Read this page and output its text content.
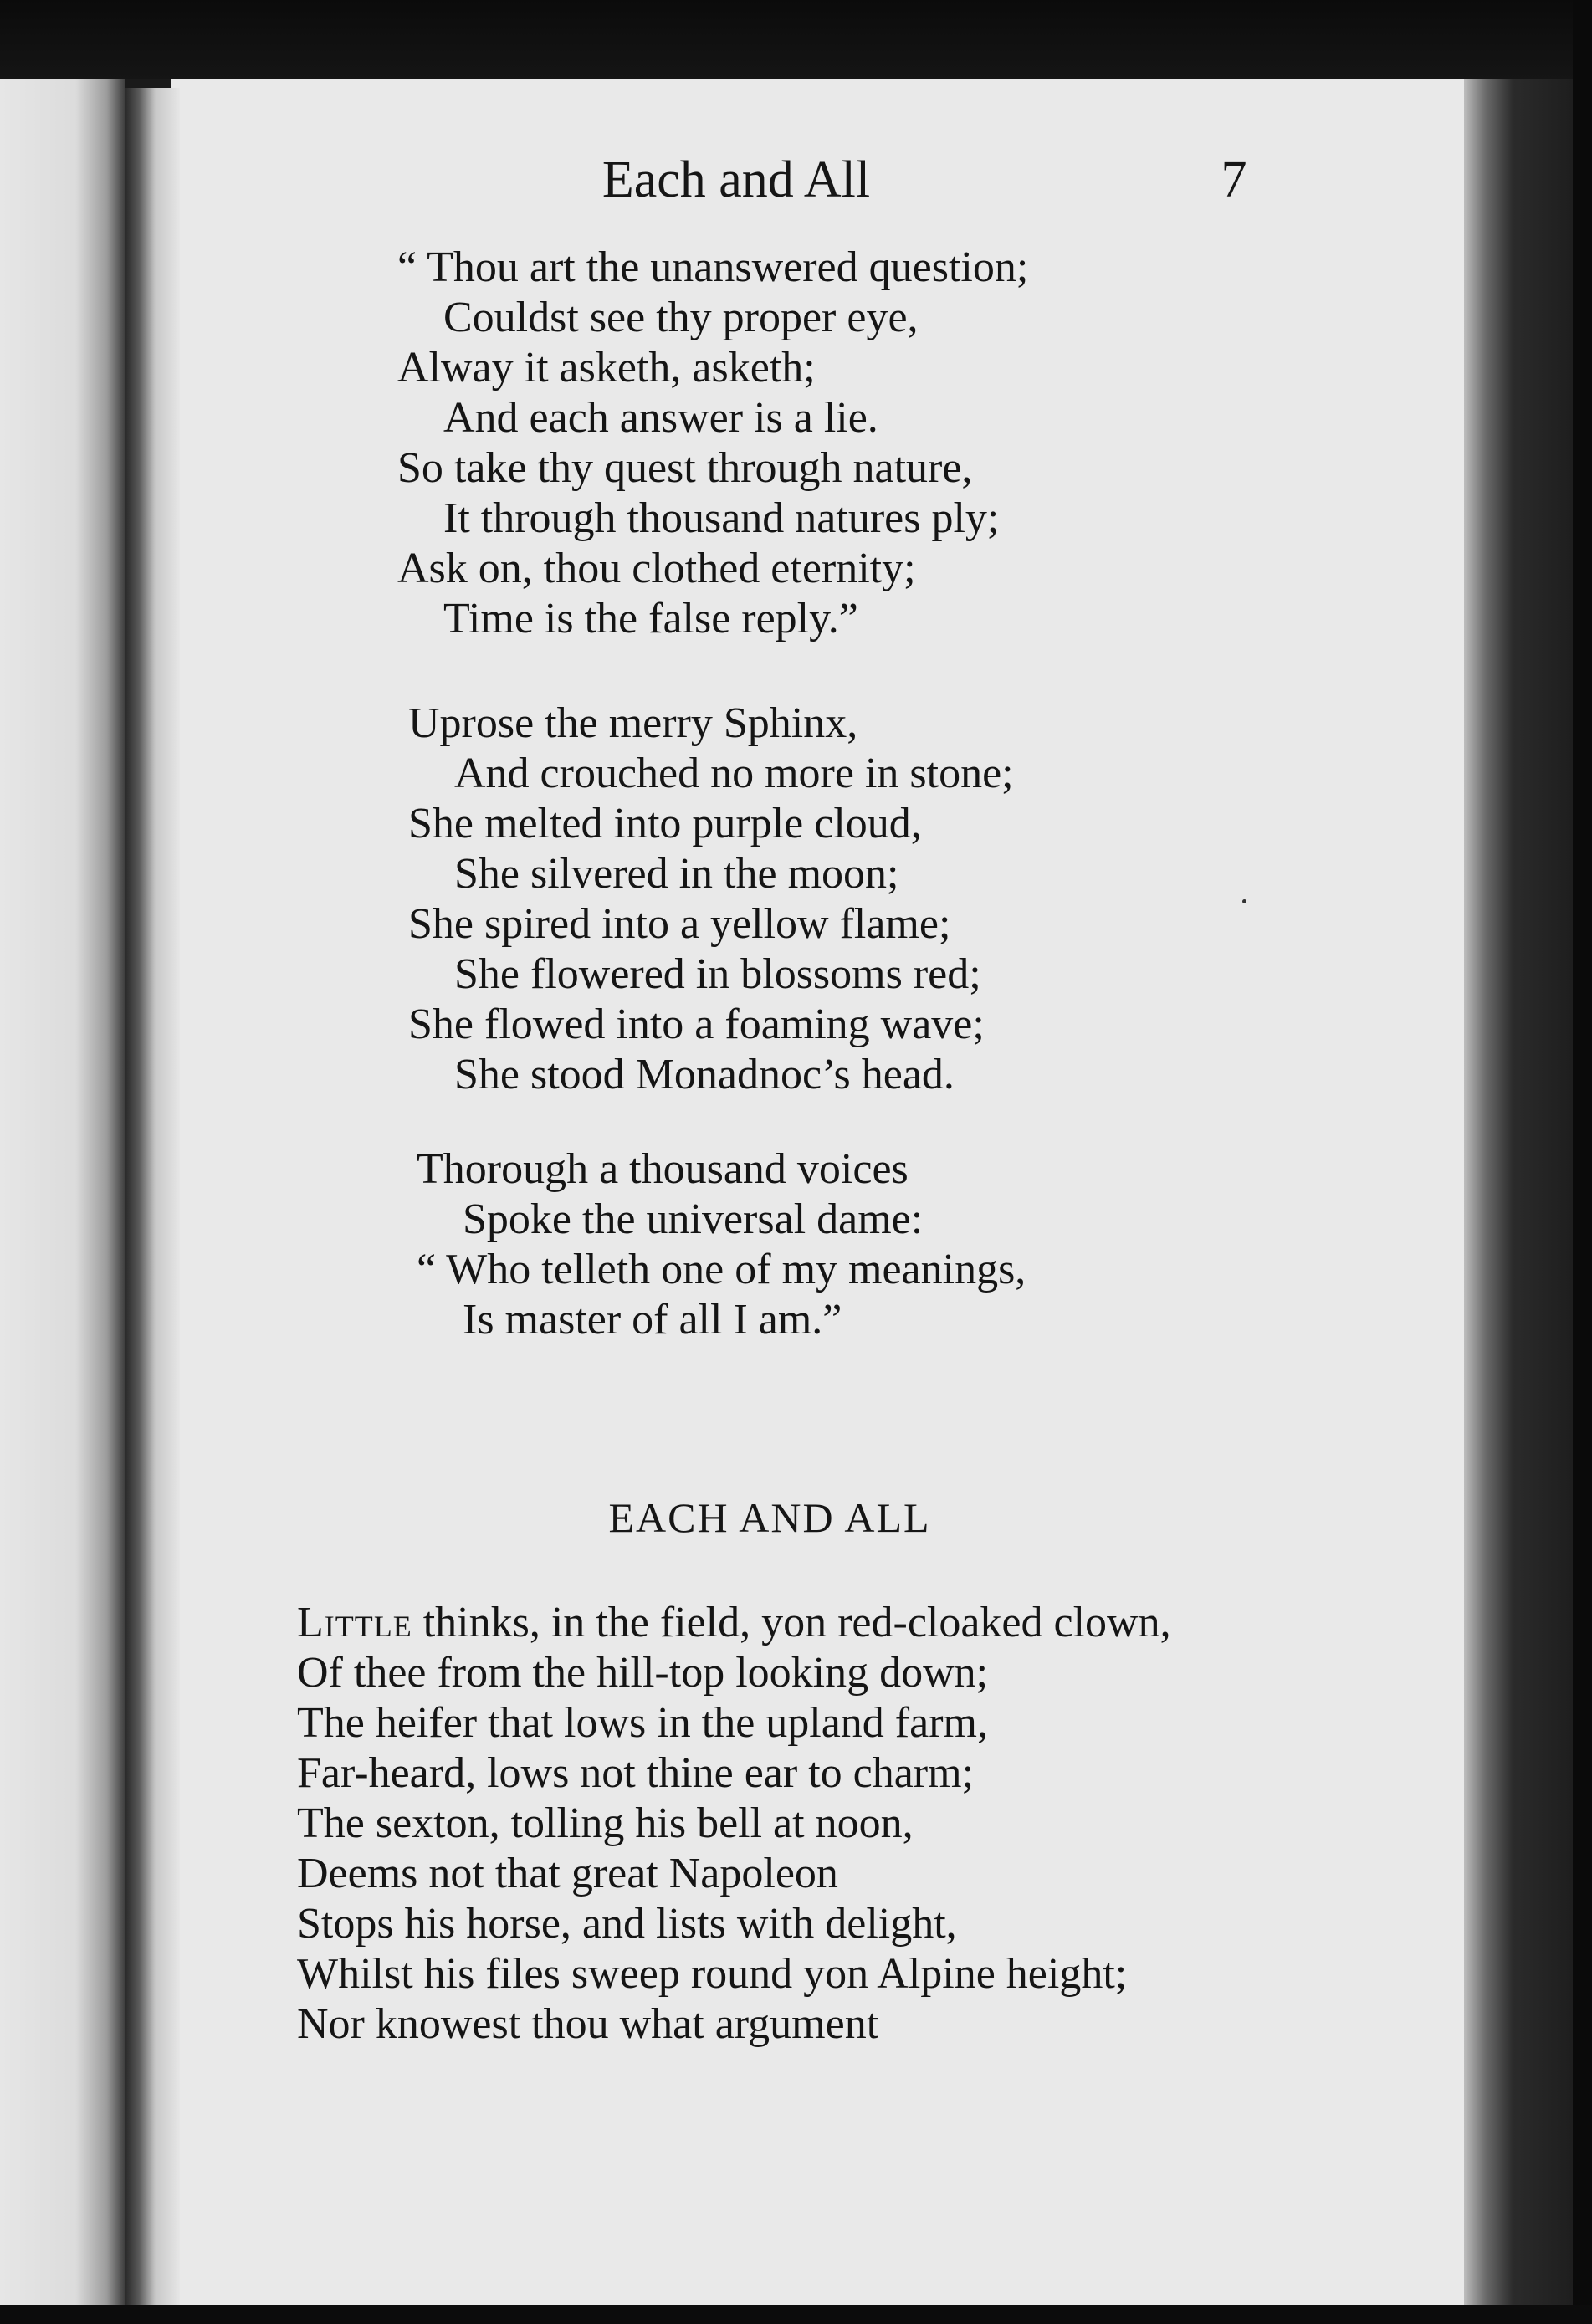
Each and All	7
“ Thou art the unanswered question;
Couldst see thy proper eye,
Alway it asketh, asketh;
And each answer is a lie.
So take thy quest through nature,
It through thousand natures ply;
Ask on, thou clothed eternity;
Time is the false reply.”
Uprose the merry Sphinx,
And crouched no more in stone;
She melted into purple cloud,
She silvered in the moon;
She spired into a yellow flame;
She flowered in blossoms red;
She flowed into a foaming wave;
She stood Monadnoc’s head.
Thorough a thousand voices
Spoke the universal dame:
“ Who telleth one of my meanings,
Is master of all I am.”
EACH AND ALL
Little thinks, in the field, yon red-cloaked clown,
Of thee from the hill-top looking down;
The heifer that lows in the upland farm,
Far-heard, lows not thine ear to charm;
The sexton, tolling his bell at noon,
Deems not that great Napoleon
Stops his horse, and lists with delight,
Whilst his files sweep round yon Alpine height;
Nor knowest thou what argument
